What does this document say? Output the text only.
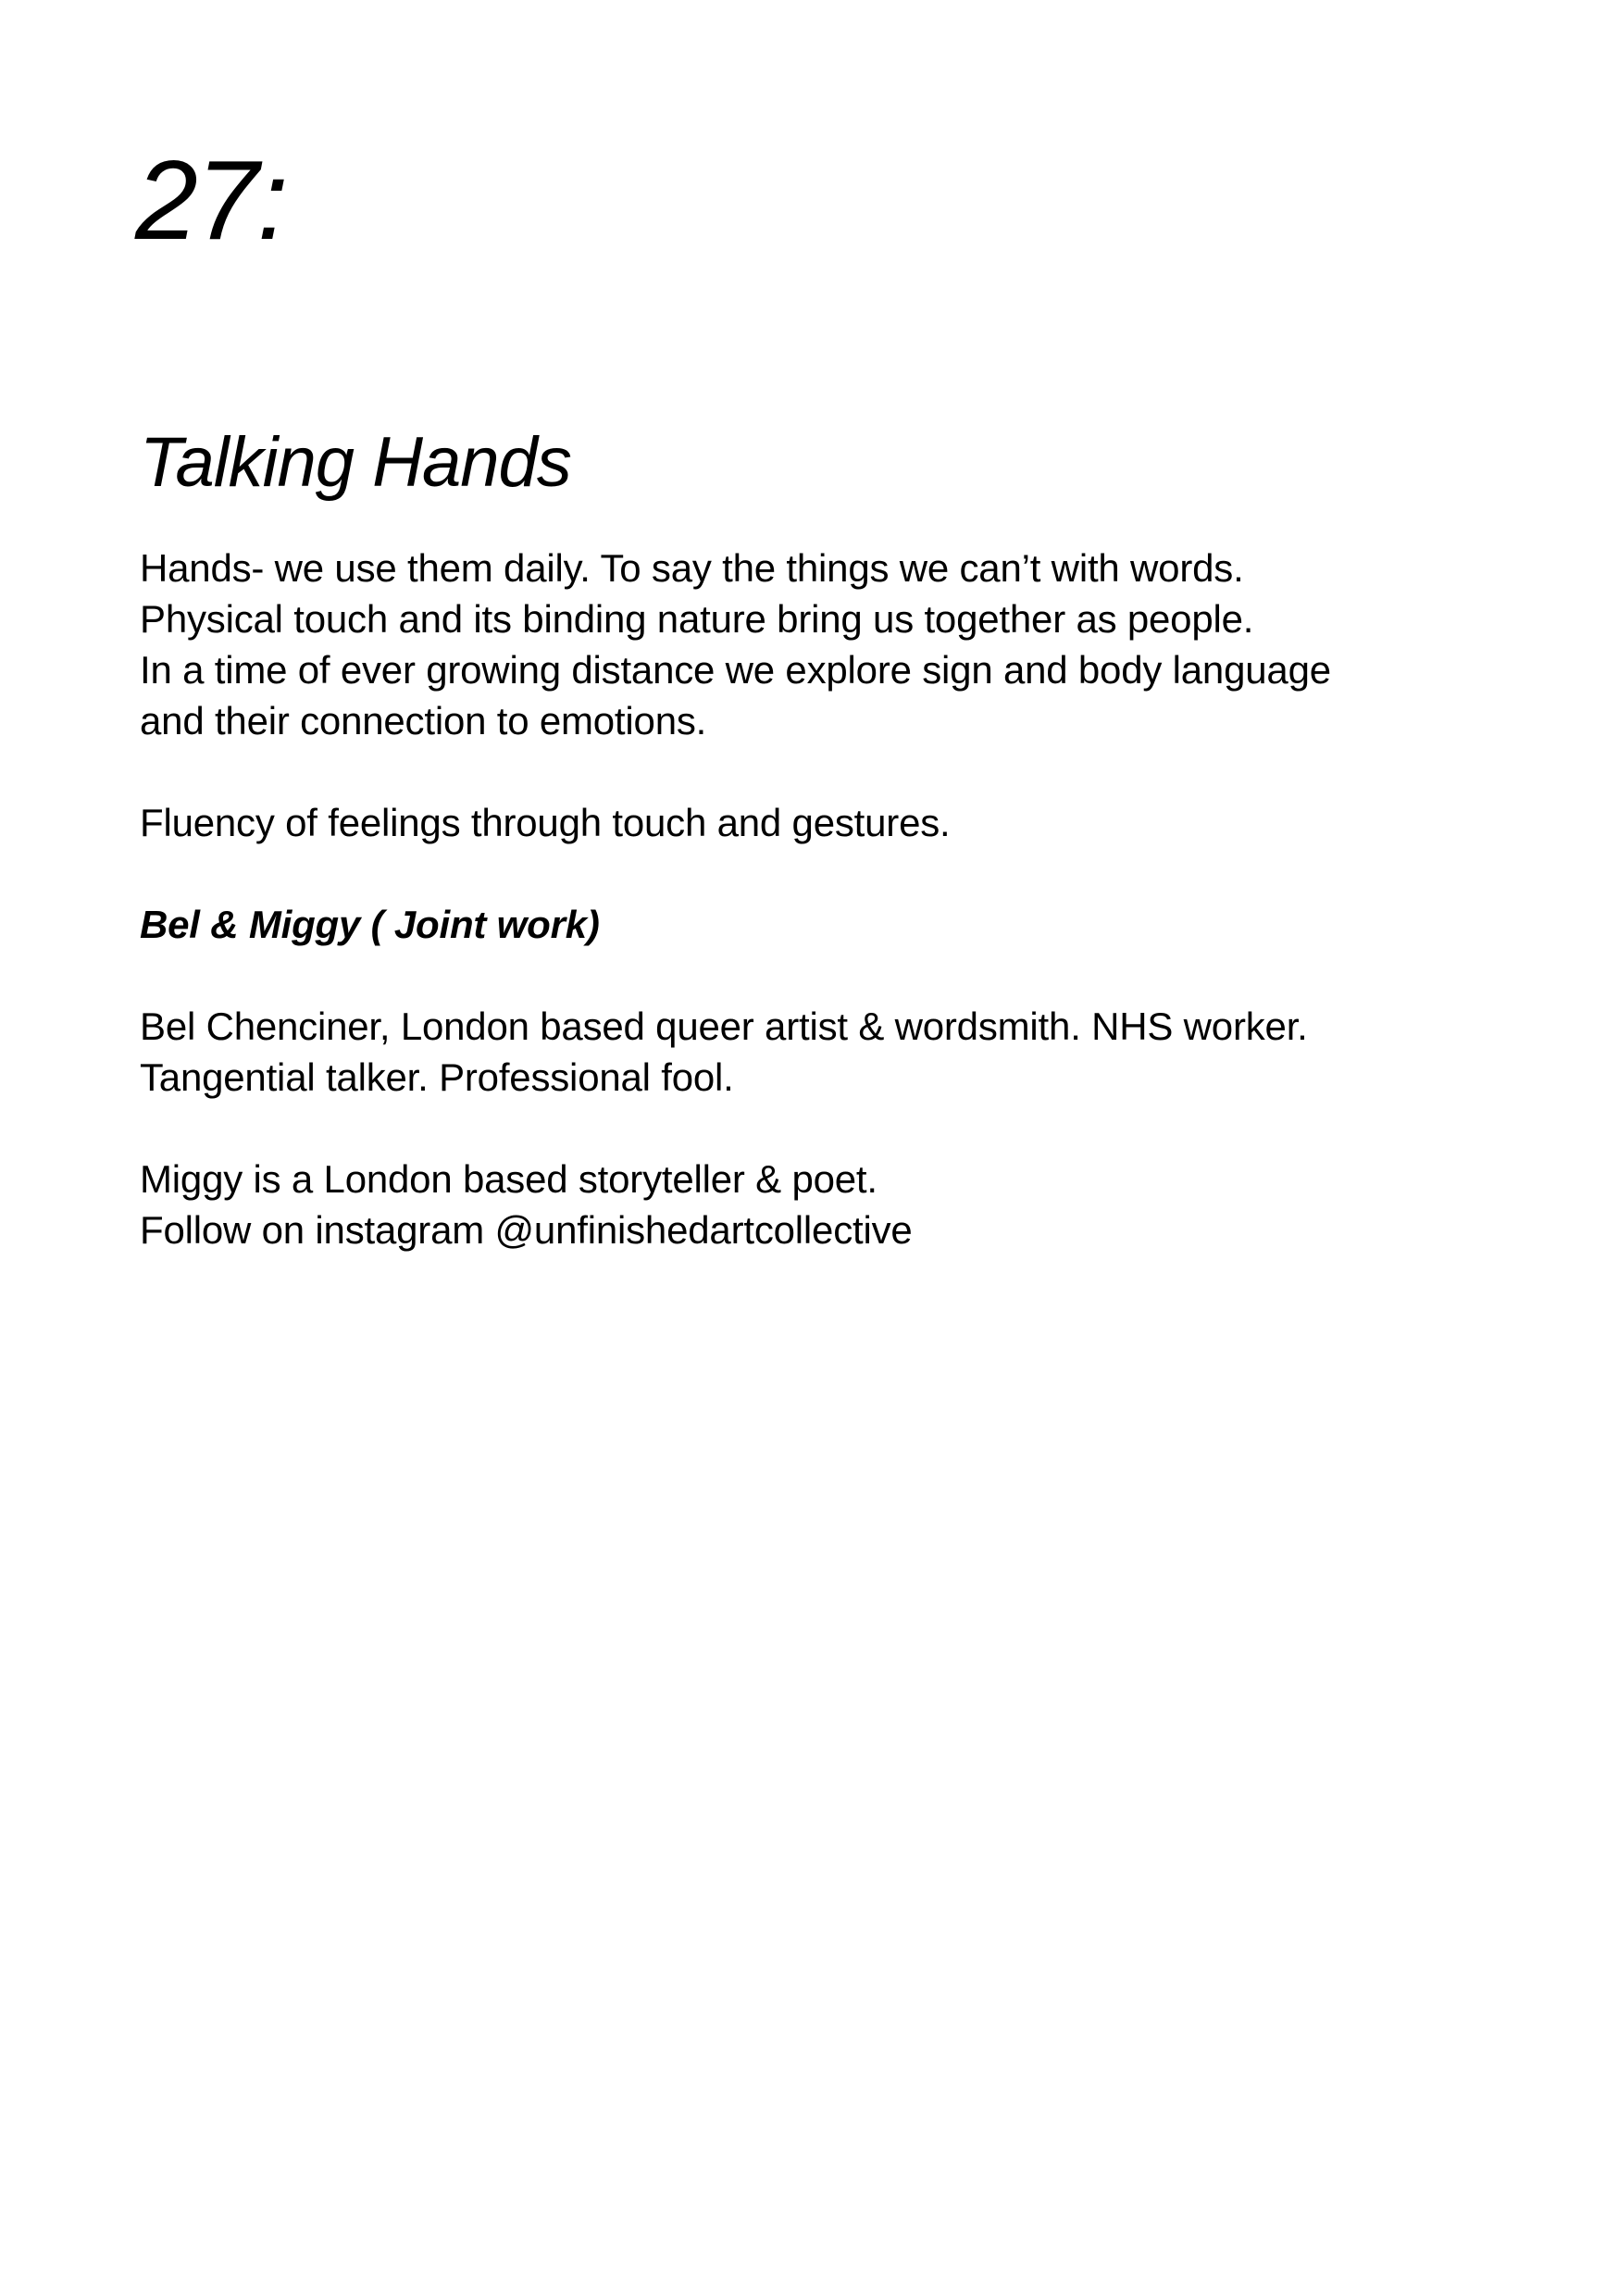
27:
Talking Hands

Hands- we use them daily. To say the things we can’t with words.
Physical touch and its binding nature bring us together as people.
In a time of ever growing distance we explore sign and body language
and their connection to emotions.

Fluency of feelings through touch and gestures.

Bel & Miggy ( Joint work)

Bel Chenciner, London based queer artist & wordsmith. NHS worker.
Tangential talker. Professional fool.

Miggy is a London based storyteller & poet.
Follow on instagram @unfinishedartcollective
